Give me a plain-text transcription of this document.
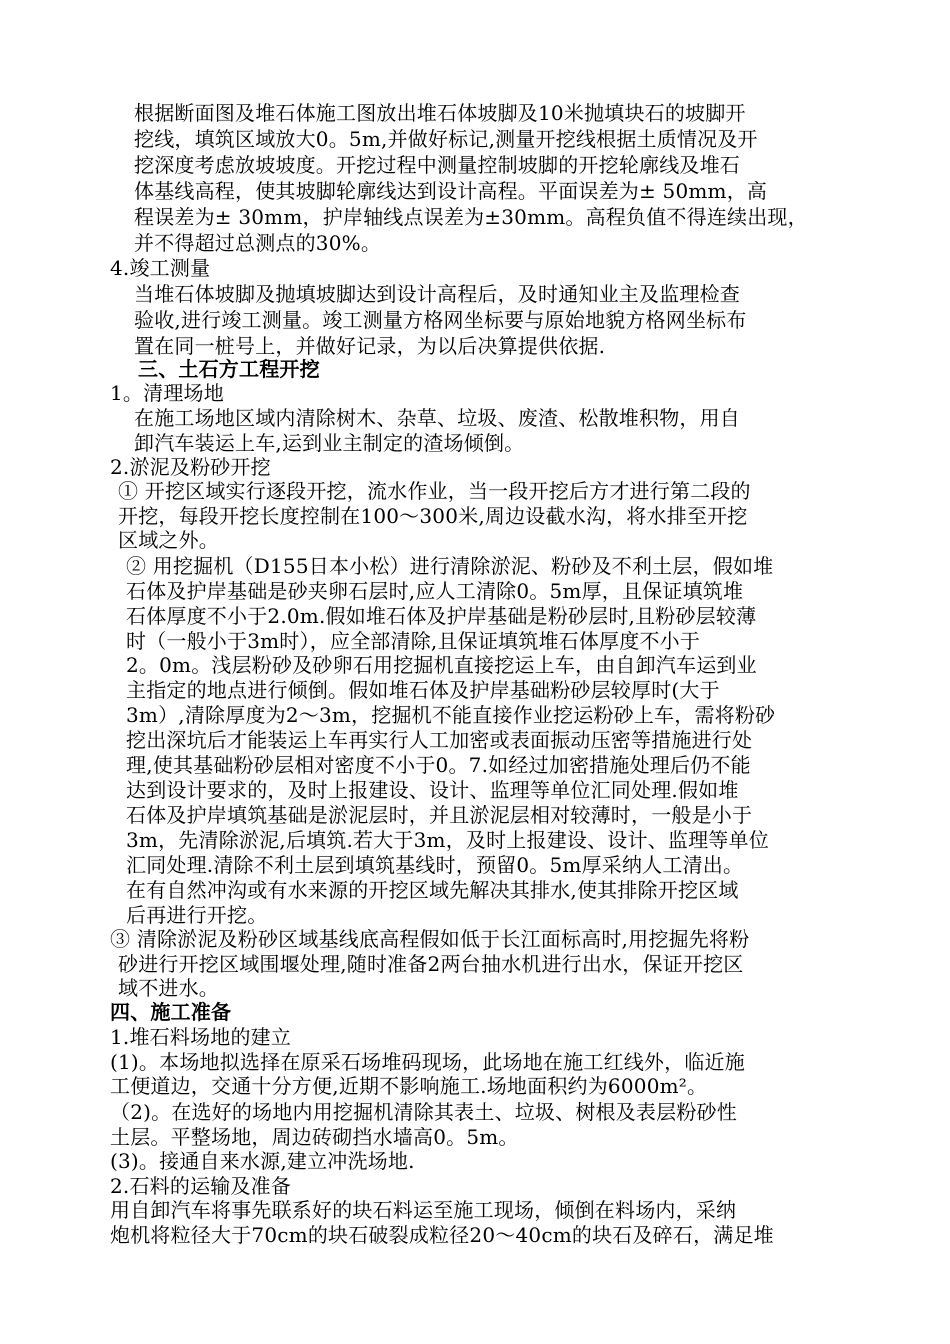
根据断面图及堆石体施工图放出堆石体坡脚及10米抛填块石的坡脚开
挖线，填筑区域放大0。5m,并做好标记,测量开挖线根据土质情况及开
挖深度考虑放坡坡度。开挖过程中测量控制坡脚的开挖轮廓线及堆石
体基线高程，使其坡脚轮廓线达到设计高程。平面误差为± 50mm，高
程误差为± 30mm，护岸轴线点误差为±30mm。高程负值不得连续出现，
并不得超过总测点的30%。
4.竣工测量
当堆石体坡脚及抛填坡脚达到设计高程后，及时通知业主及监理检查
验收,进行竣工测量。竣工测量方格网坐标要与原始地貌方格网坐标布
置在同一桩号上，并做好记录，为以后决算提供依据.
三、土石方工程开挖
1。清理场地
在施工场地区域内清除树木、杂草、垃圾、废渣、松散堆积物，用自
卸汽车装运上车,运到业主制定的渣场倾倒。
2.淤泥及粉砂开挖
① 开挖区域实行逐段开挖，流水作业，当一段开挖后方才进行第二段的
开挖，每段开挖长度控制在100～300米,周边设截水沟，将水排至开挖
区域之外。
② 用挖掘机（D155日本小松）进行清除淤泥、粉砂及不利土层，假如堆
石体及护岸基础是砂夹卵石层时,应人工清除0。5m厚，且保证填筑堆
石体厚度不小于2.0m.假如堆石体及护岸基础是粉砂层时,且粉砂层较薄
时（一般小于3m时），应全部清除,且保证填筑堆石体厚度不小于
2。0m。浅层粉砂及砂卵石用挖掘机直接挖运上车，由自卸汽车运到业
主指定的地点进行倾倒。假如堆石体及护岸基础粉砂层较厚时(大于
3m）,清除厚度为2～3m，挖掘机不能直接作业挖运粉砂上车，需将粉砂
挖出深坑后才能装运上车再实行人工加密或表面振动压密等措施进行处
理,使其基础粉砂层相对密度不小于0。7.如经过加密措施处理后仍不能
达到设计要求的，及时上报建设、设计、监理等单位汇同处理.假如堆
石体及护岸填筑基础是淤泥层时，并且淤泥层相对较薄时，一般是小于
3m，先清除淤泥,后填筑.若大于3m，及时上报建设、设计、监理等单位
汇同处理.清除不利土层到填筑基线时，预留0。5m厚采纳人工清出。
在有自然冲沟或有水来源的开挖区域先解决其排水,使其排除开挖区域
后再进行开挖。
③ 清除淤泥及粉砂区域基线底高程假如低于长江面标高时,用挖掘先将粉
砂进行开挖区域围堰处理,随时准备2两台抽水机进行出水，保证开挖区
域不进水。
四、施工准备
1.堆石料场地的建立
(1)。本场地拟选择在原采石场堆码现场，此场地在施工红线外，临近施
工便道边，交通十分方便,近期不影响施工.场地面积约为6000m²。
（2)。在选好的场地内用挖掘机清除其表土、垃圾、树根及表层粉砂性
土层。平整场地，周边砖砌挡水墙高0。5m。
(3)。接通自来水源,建立冲洗场地.
2.石料的运输及准备
用自卸汽车将事先联系好的块石料运至施工现场，倾倒在料场内，采纳
炮机将粒径大于70cm的块石破裂成粒径20～40cm的块石及碎石，满足堆
